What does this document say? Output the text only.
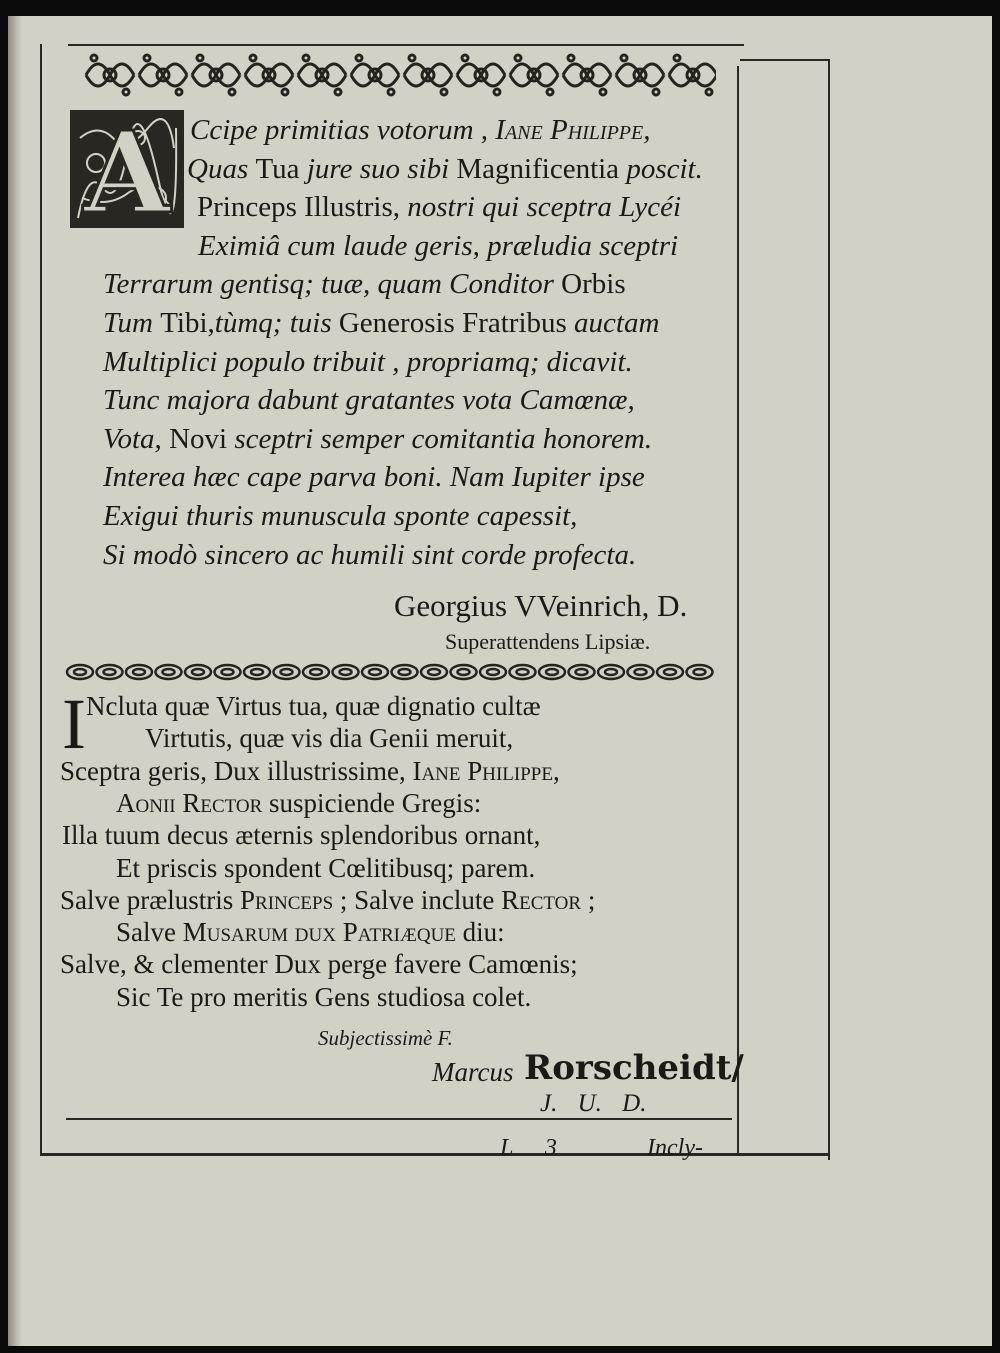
A Ccipe primitias votorum , Iane Philippe,
Quas Tua jure suo sibi Magnificentia poscit.
Princeps Illustris, nostri qui sceptra Lycéi
Eximiâ cum laude geris, præludia sceptri
Terrarum gentisq; tuæ, quam Conditor Orbis
Tum Tibi,tùmq; tuis Generosis Fratribus auctam
Multiplici populo tribuit , propriamq; dicavit.
Tunc majora dabunt gratantes vota Camœnæ,
Vota, Novi sceptri semper comitantia honorem.
Interea hæc cape parva boni. Nam Iupiter ipse
Exigui thuris munuscula sponte capessit,
Si modò sincero ac humili sint corde profecta.
Georgius VVeinrich, D.
Superattendens Lipsiæ.
I Ncluta quæ Virtus tua, quæ dignatio cultæ
Virtutis, quæ vis dia Genii meruit,
Sceptra geris, Dux illustrissime, Iane Philippe,
Aonii Rector suspiciende Gregis:
Illa tuum decus æternis splendoribus ornant,
Et priscis spondent Cœlitibusq; parem.
Salve prælustris Princeps ; Salve inclute Rector ;
Salve Musarum dux Patriæque diu:
Salve, & clementer Dux perge favere Camœnis;
Sic Te pro meritis Gens studiosa colet.
Subjectissimè F.
Marcus Rorscheidt/
J. U. D.
L 3	Incly-
